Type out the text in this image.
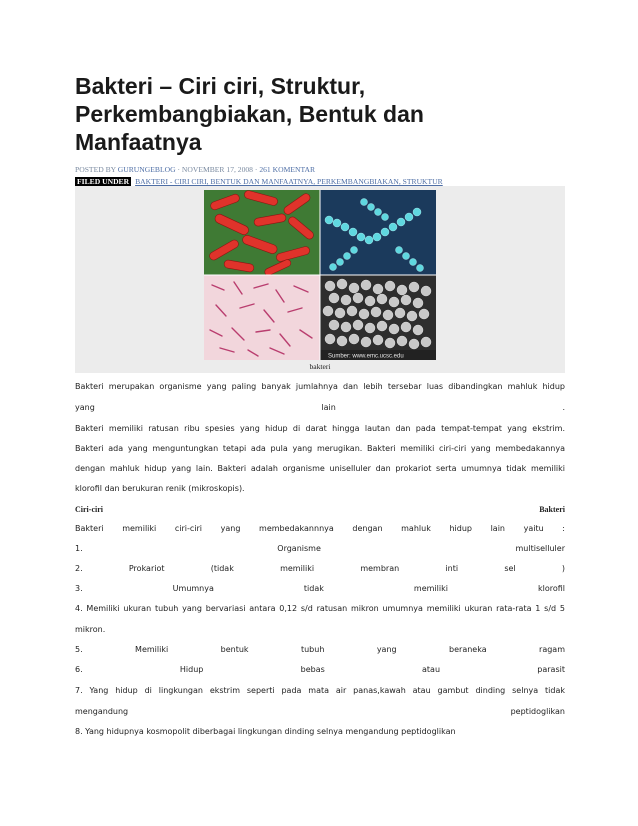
Bakteri – Ciri ciri, Struktur, Perkembangbiakan, Bentuk dan Manfaatnya
POSTED BY GURUNGEBLOG · NOVEMBER 17, 2008 · 261 KOMENTAR
FILED UNDER BAKTERI - CIRI CIRI, BENTUK DAN MANFAATNYA, PERKEMBANGBIAKAN, STRUKTUR
Sumber: www.emc.ucsc.edu
bakteri
Bakteri merupakan organisme yang paling banyak jumlahnya dan lebih tersebar luas dibandingkan mahluk hidup
yang	lain	.
Bakteri memiliki ratusan ribu spesies yang hidup di darat hingga lautan dan pada tempat-tempat yang ekstrim.
Bakteri ada yang menguntungkan tetapi ada pula yang merugikan. Bakteri memiliki ciri-ciri yang membedakannya
dengan mahluk hidup yang lain. Bakteri adalah organisme uniselluler dan prokariot serta umumnya tidak memiliki
klorofil dan berukuran renik (mikroskopis).
Ciri-ciri	Bakteri
Bakteri memiliki ciri-ciri yang membedakannnya dengan mahluk hidup lain yaitu :
1. Organisme multiselluler
2. Prokariot (tidak memiliki membran inti sel )
3. Umumnya tidak memiliki klorofil
4. Memiliki ukuran tubuh yang bervariasi antara 0,12 s/d ratusan mikron umumnya memiliki ukuran rata-rata 1 s/d 5
mikron.
5. Memiliki bentuk tubuh yang beraneka ragam
6. Hidup bebas atau parasit
7. Yang hidup di lingkungan ekstrim seperti pada mata air panas,kawah atau gambut dinding selnya tidak
mengandung peptidoglikan
8. Yang hidupnya kosmopolit diberbagai lingkungan dinding selnya mengandung peptidoglikan
